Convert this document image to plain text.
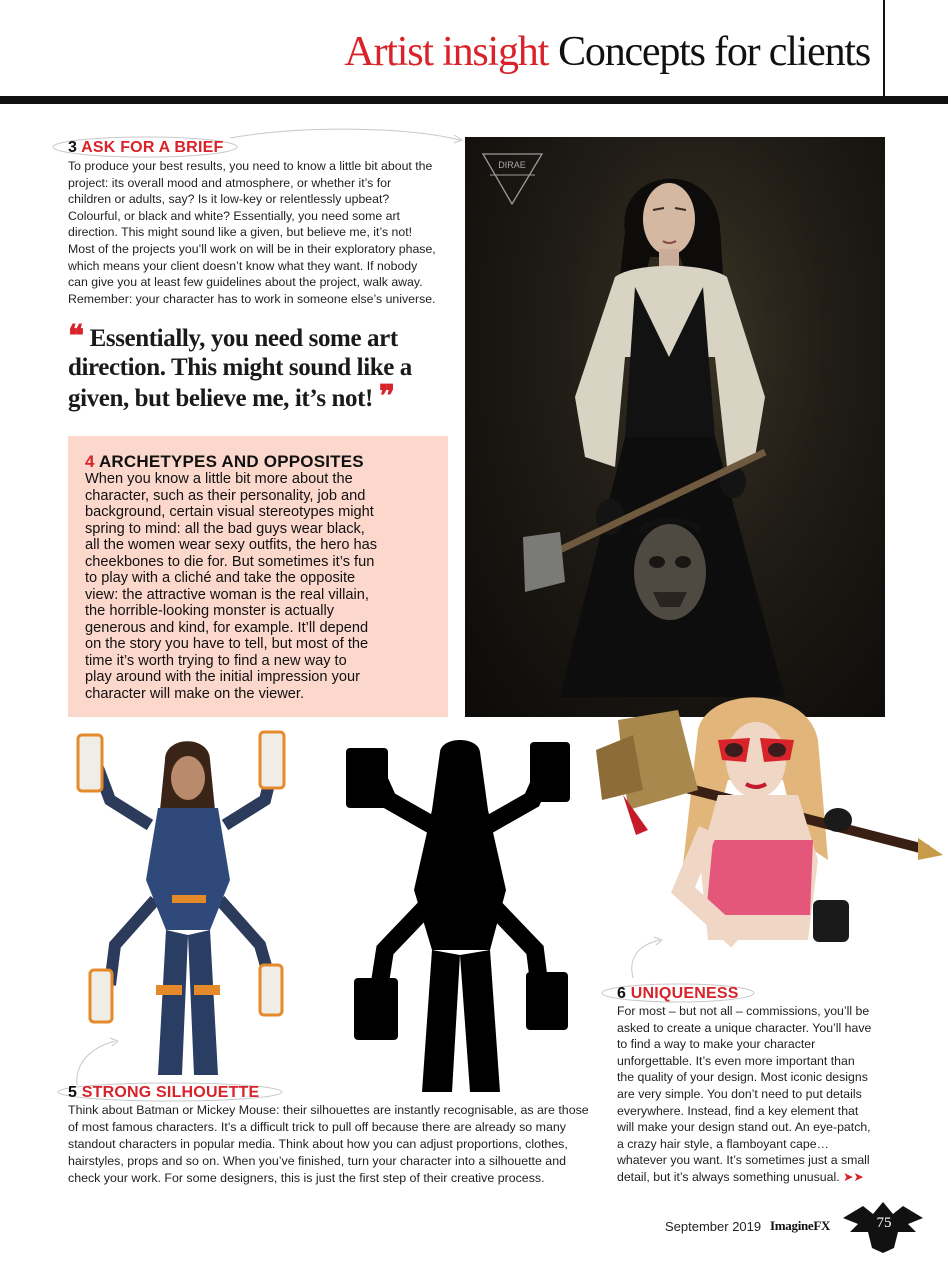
Artist insight Concepts for clients
3 ASK FOR A BRIEF
To produce your best results, you need to know a little bit about the
project: its overall mood and atmosphere, or whether it’s for
children or adults, say? Is it low-key or relentlessly upbeat?
Colourful, or black and white? Essentially, you need some art
direction. This might sound like a given, but believe me, it’s not!
Most of the projects you’ll work on will be in their exploratory phase,
which means your client doesn’t know what they want. If nobody
can give you at least few guidelines about the project, walk away.
Remember: your character has to work in someone else’s universe.
❝ Essentially, you need some art direction. This might sound like a given, but believe me, it’s not! ❞
4 ARCHETYPES AND OPPOSITES
When you know a little bit more about the
character, such as their personality, job and
background, certain visual stereotypes might
spring to mind: all the bad guys wear black,
all the women wear sexy outfits, the hero has
cheekbones to die for. But sometimes it’s fun
to play with a cliché and take the opposite
view: the attractive woman is the real villain,
the horrible-looking monster is actually
generous and kind, for example. It’ll depend
on the story you have to tell, but most of the
time it’s worth trying to find a new way to
play around with the initial impression your
character will make on the viewer.
DIRAE
5 STRONG SILHOUETTE
Think about Batman or Mickey Mouse: their silhouettes are instantly recognisable, as are those
of most famous characters. It’s a difficult trick to pull off because there are already so many
standout characters in popular media. Think about how you can adjust proportions, clothes,
hairstyles, props and so on. When you’ve finished, turn your character into a silhouette and
check your work. For some designers, this is just the first step of their creative process.
6 UNIQUENESS
For most – but not all – commissions, you’ll be
asked to create a unique character. You’ll have
to find a way to make your character
unforgettable. It’s even more important than
the quality of your design. Most iconic designs
are very simple. You don’t need to put details
everywhere. Instead, find a key element that
will make your design stand out. An eye-patch,
a crazy hair style, a flamboyant cape…
whatever you want. It’s sometimes just a small
detail, but it’s always something unusual. ➤➤
September 2019 ImagineFX	75
